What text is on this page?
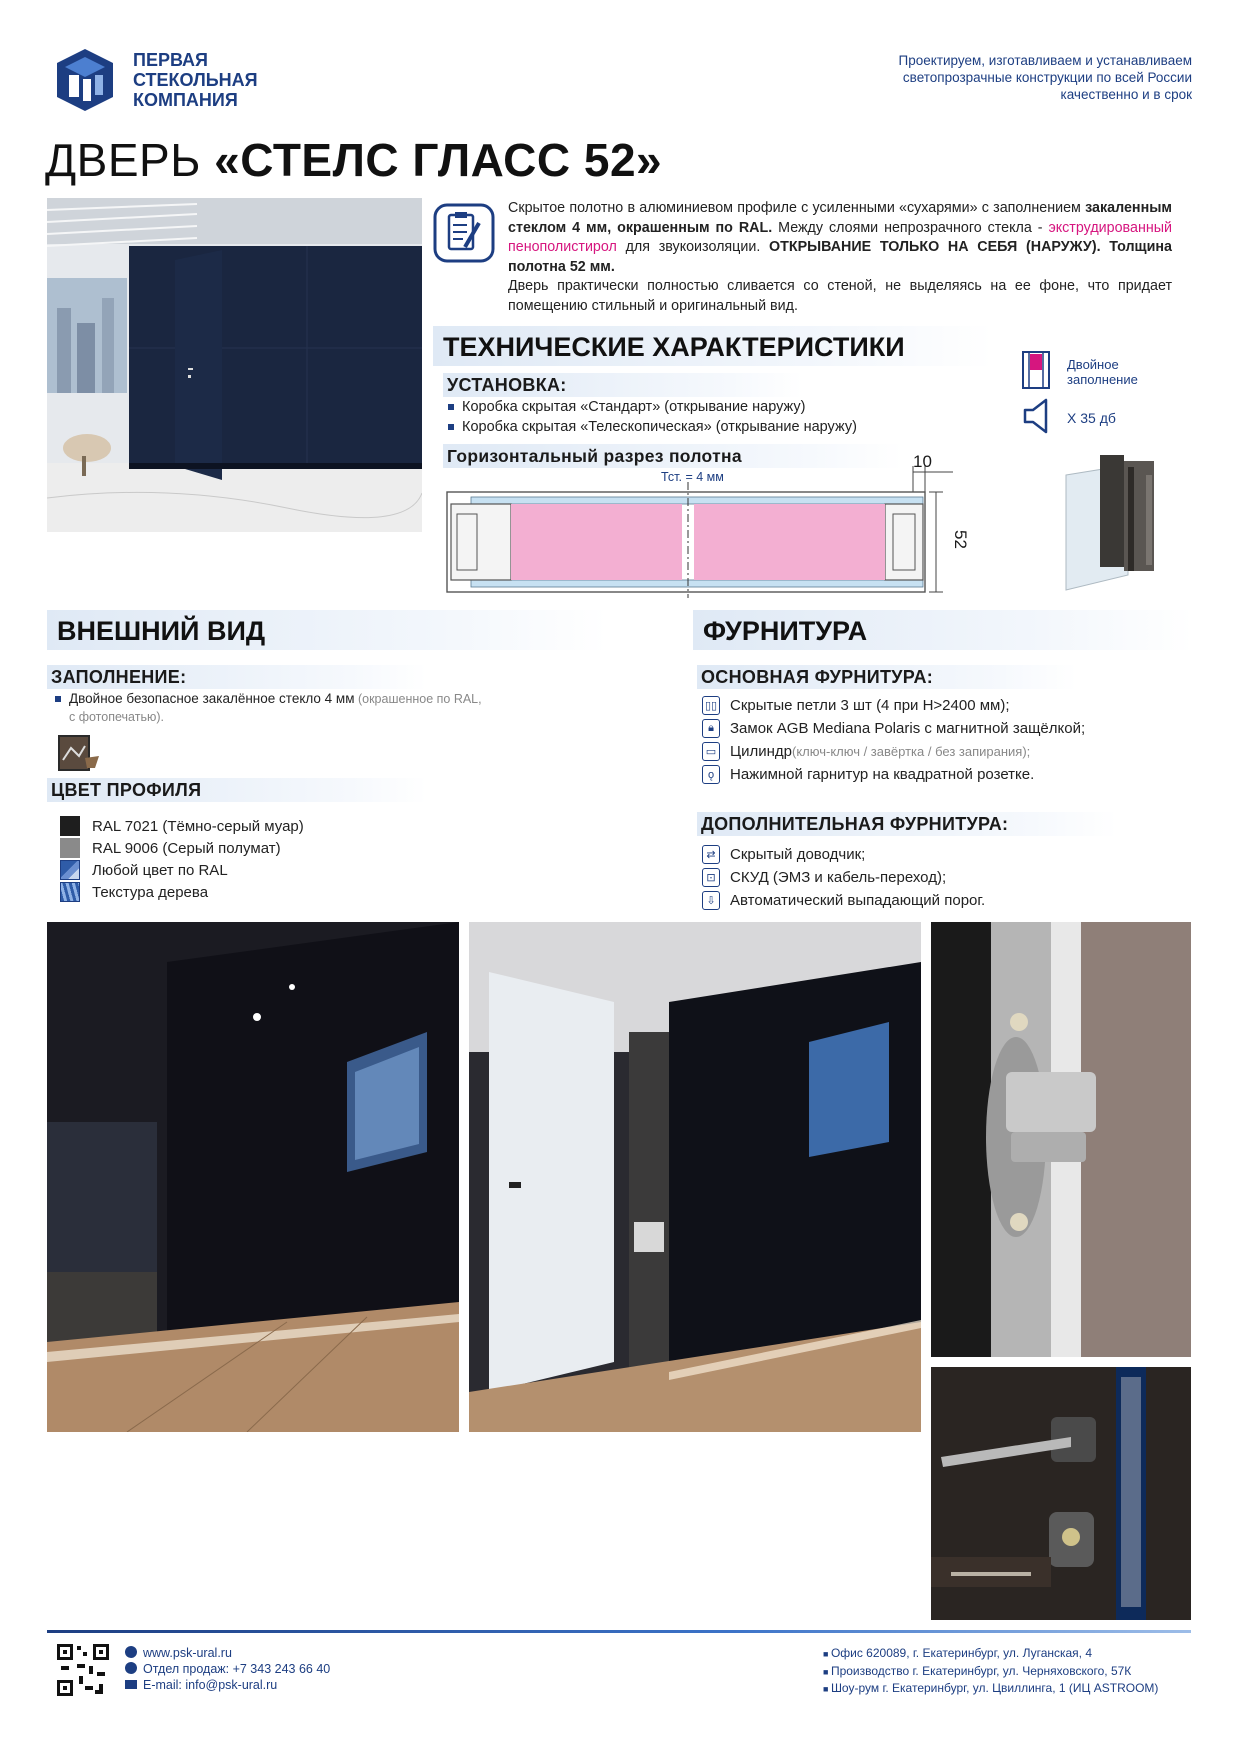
ПЕРВАЯ
СТЕКОЛЬНАЯ
КОМПАНИЯ
Проектируем, изготавливаем и устанавливаем
светопрозрачные конструкции по всей России
качественно и в срок
ДВЕРЬ «СТЕЛС ГЛАСС 52»
Скрытое полотно в алюминиевом профиле с усиленными «сухарями» с заполнением закаленным стеклом 4 мм, окрашенным по RAL. Между слоями непрозрачного стекла - экструдированный пенополистирол для звукоизоляции. ОТКРЫВАНИЕ ТОЛЬКО НА СЕБЯ (НАРУЖУ). Толщина полотна 52 мм.
Дверь практически полностью сливается со стеной, не выделяясь на ее фоне, что придает помещению стильный и оригинальный вид.
ТЕХНИЧЕСКИЕ ХАРАКТЕРИСТИКИ
УСТАНОВКА:
Коробка скрытая «Стандарт» (открывание наружу)
Коробка скрытая «Телескопическая» (открывание наружу)
Горизонтальный разрез полотна	10
Тст. = 4 мм
52
Двойное
заполнение
Х 35 дб
ВНЕШНИЙ ВИД
ЗАПОЛНЕНИЕ:
Двойное безопасное закалённое стекло 4 мм (окрашенное по RAL,
с фотопечатью).
ЦВЕТ ПРОФИЛЯ
RAL 7021 (Тёмно-серый муар)
RAL 9006 (Серый полумат)
Любой цвет по RAL
Текстура дерева
ФУРНИТУРА
ОСНОВНАЯ ФУРНИТУРА:
▯▯ Скрытые петли 3 шт (4 при Н>2400 мм);
🔒︎	Замок AGB Mediana Polaris с магнитной защёлкой;
▭ Цилиндр (ключ-ключ / завёртка / без запирания);
ǫ	Нажимной гарнитур на квадратной розетке.
ДОПОЛНИТЕЛЬНАЯ ФУРНИТУРА:
⇄ Скрытый доводчик;
⊡ СКУД (ЭМЗ и кабель-переход);
⇩ Автоматический выпадающий порог.
www.psk-ural.ru
Отдел продаж: +7 343 243 66 40
E-mail: info@psk-ural.ru
■ Офис 620089, г. Екатеринбург, ул. Луганская, 4
■ Производство г. Екатеринбург, ул. Черняховского, 57К
■ Шоу-рум г. Екатеринбург, ул. Цвиллинга, 1 (ИЦ ASTROOM)
